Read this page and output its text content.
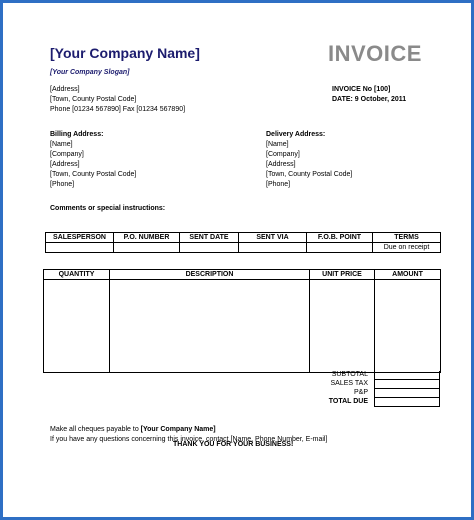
[Your Company Name]
[Your Company Slogan]
INVOICE
[Address]
[Town, County Postal Code]
Phone [01234 567890] Fax [01234 567890]
INVOICE No [100]
DATE: 9 October, 2011
Billing Address:
[Name]
[Company]
[Address]
[Town, County Postal Code]
[Phone]
Delivery Address:
[Name]
[Company]
[Address]
[Town, County Postal Code]
[Phone]
Comments or special instructions:
SALESPERSON	P.O. NUMBER	SENT DATE	SENT VIA	F.O.B. POINT	TERMS
					Due on receipt
QUANTITY	DESCRIPTION	UNIT PRICE	AMOUNT

SUBTOTAL
SALES TAX
P&P
TOTAL DUE
Make all cheques payable to [Your Company Name]
If you have any questions concerning this invoice, contact [Name, Phone Number, E-mail]

THANK YOU FOR YOUR BUSINESS!
